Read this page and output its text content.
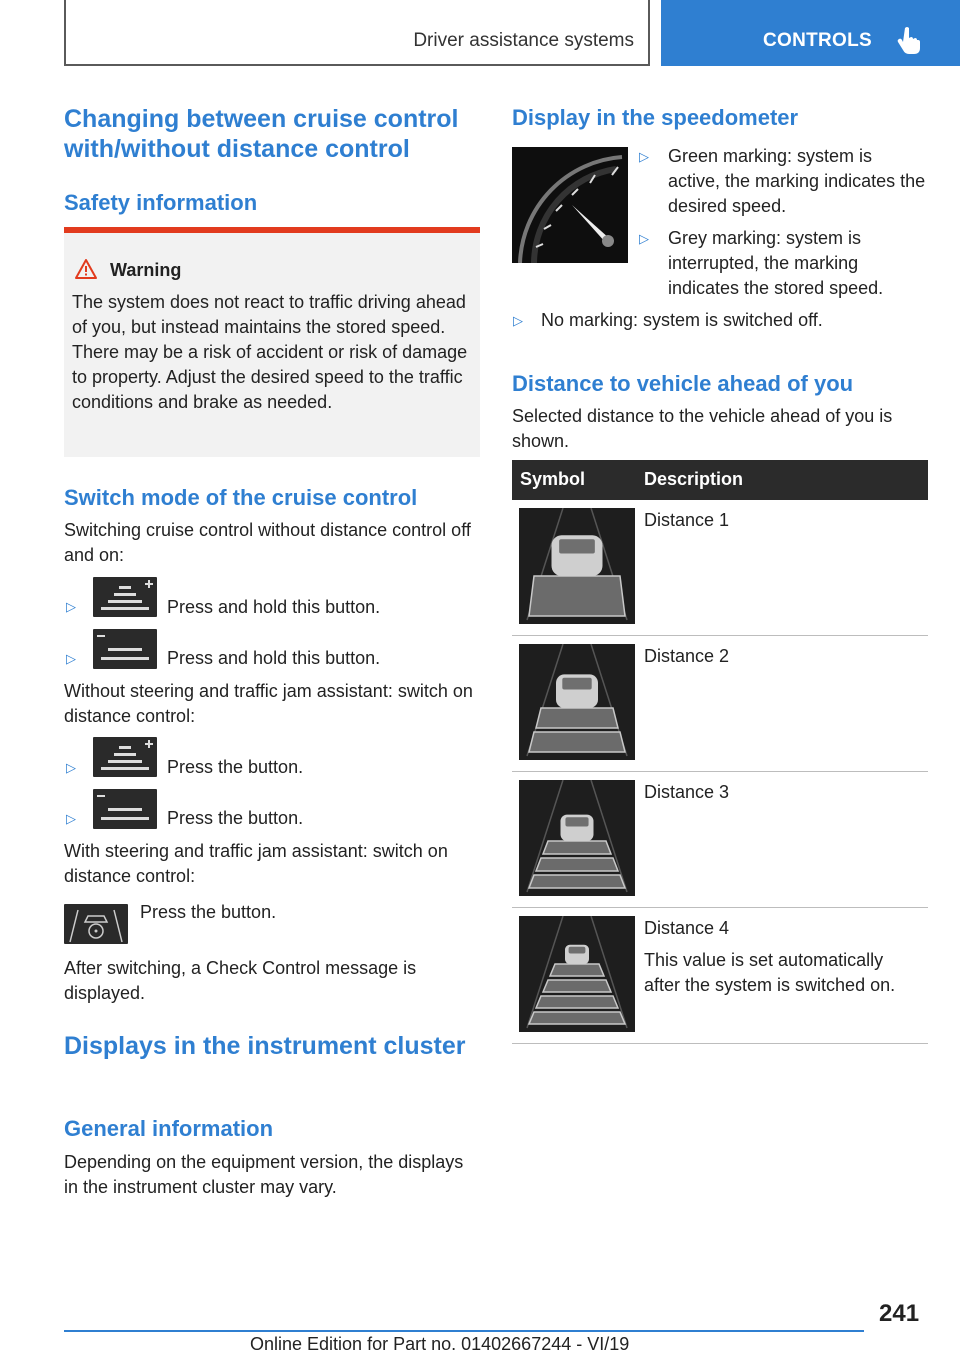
Driver assistance systems	CONTROLS
Changing between cruise control with/without distance control
Safety information
Warning
The system does not react to traffic driving ahead of you, but instead maintains the stored speed. There may be a risk of accident or risk of damage to property. Adjust the desired speed to the traffic conditions and brake as needed.
Switch mode of the cruise control
Switching cruise control without distance control off and on:
▷	Press and hold this button.
▷	Press and hold this button.
Without steering and traffic jam assistant: switch on distance control:
▷	Press the button.
▷	Press the button.
With steering and traffic jam assistant: switch on distance control:
Press the button.
After switching, a Check Control message is displayed.
Displays in the instrument cluster
General information
Depending on the equipment version, the displays in the instrument cluster may vary.
Display in the speedometer
▷ Green marking: system is active, the marking indicates the desired speed.
▷ Grey marking: system is interrupted, the marking indicates the stored speed.
▷ No marking: system is switched off.
Distance to vehicle ahead of you
Selected distance to the vehicle ahead of you is shown.
Symbol	Description
Distance 1
Distance 2
Distance 3
Distance 4
This value is set automatically after the system is switched on.
241
Online Edition for Part no. 01402667244 - VI/19
